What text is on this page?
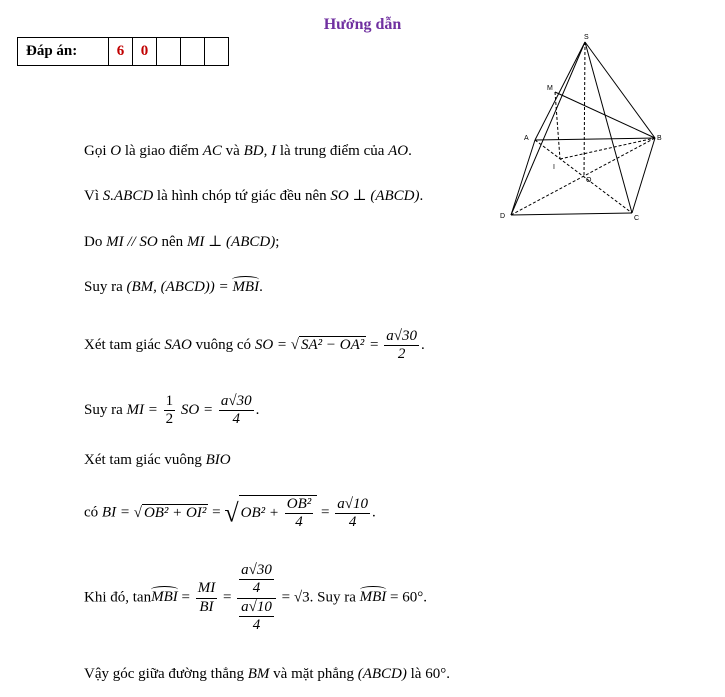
Hướng dẫn
Đáp án:	6	0			
S
M
A	B
I
O
D	C
Gọi O là giao điểm AC và BD, I là trung điểm của AO.
Vì S.ABCD là hình chóp tứ giác đều nên SO ⊥ (ABCD).
Do MI // SO nên MI ⊥ (ABCD);
Suy ra (BM, (ABCD)) = MBI.
Xét tam giác SAO vuông có SO = √ $SA^2 - OA^2 = \frac{a√30}{2}$ .
Suy ra MI = $\frac{1}{2}$ SO = $\frac{a√30}{4}$ .
Xét tam giác vuông BIO
có BI = √ OB² + OI² = √ $OB^2 + \frac{\text{OB²}}{4} = \frac{a√10}{4}$ .
Khi đó, tanMBI = $\frac{MI}{BI} = \frac{\frac{a√30}{4}}{\frac{a√10}{4}} = √3$. Suy ra MBI = 60°.
Vậy góc giữa đường thẳng BM và mặt phẳng (ABCD) là 60°.
